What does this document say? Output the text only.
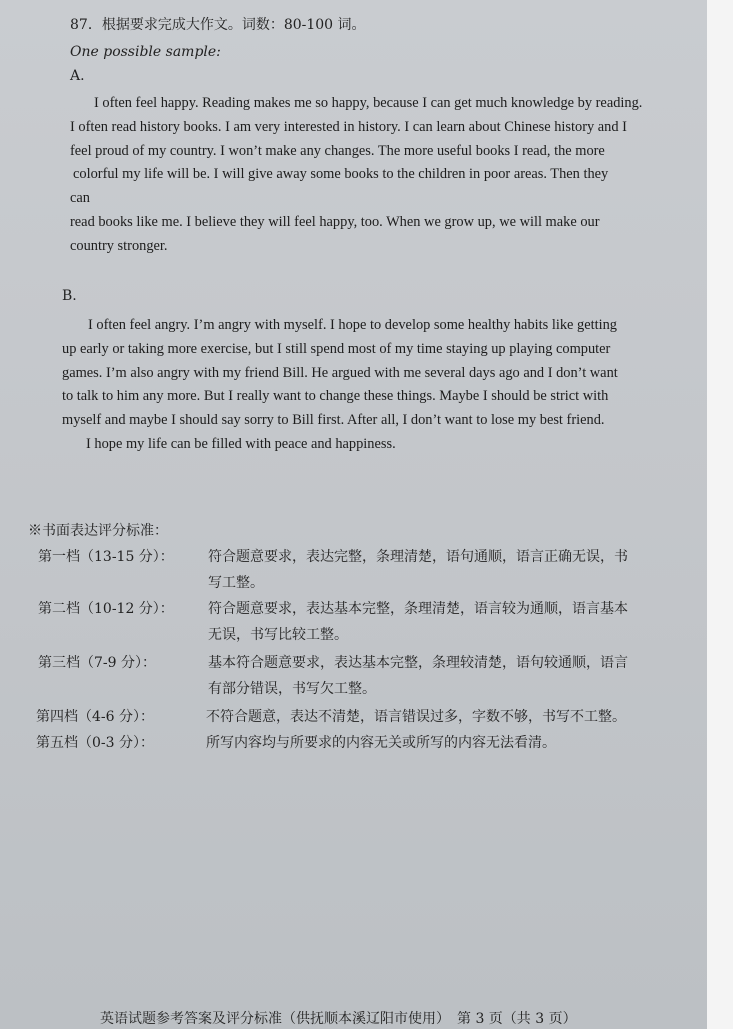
87．根据要求完成大作文。词数：80-100 词。

One possible sample:

A.

I often feel happy. Reading makes me so happy, because I can get much knowledge by reading.
I often read history books. I am very interested in history. I can learn about Chinese history and I
feel proud of my country. I won’t make any changes. The more useful books I read, the more
colorful my life will be. I will give away some books to the children in poor areas. Then they
can
read books like me. I believe they will feel happy, too. When we grow up, we will make our
country stronger.

B.

I often feel angry. I’m angry with myself. I hope to develop some healthy habits like getting
up early or taking more exercise, but I still spend most of my time staying up playing computer
games. I’m also angry with my friend Bill. He argued with me several days ago and I don’t want
to talk to him any more. But I really want to change these things. Maybe I should be strict with
myself and maybe I should say sorry to Bill first. After all, I don’t want to lose my best friend.
I hope my life can be filled with peace and happiness.

※书面表达评分标准：

第一档（13-15 分）： 符合题意要求，表达完整，条理清楚，语句通顺，语言正确无误，书
写工整。
第二档（10-12 分）： 符合题意要求，表达基本完整，条理清楚，语言较为通顺，语言基本
无误，书写比较工整。
第三档（7-9 分）：	基本符合题意要求，表达基本完整，条理较清楚，语句较通顺，语言
有部分错误，书写欠工整。
第四档（4-6 分）：	不符合题意，表达不清楚，语言错误过多，字数不够，书写不工整。
第五档（0-3 分）：	所写内容均与所要求的内容无关或所写的内容无法看清。

英语试题参考答案及评分标准（供抚顺本溪辽阳市使用）　第 3 页（共 3 页）
